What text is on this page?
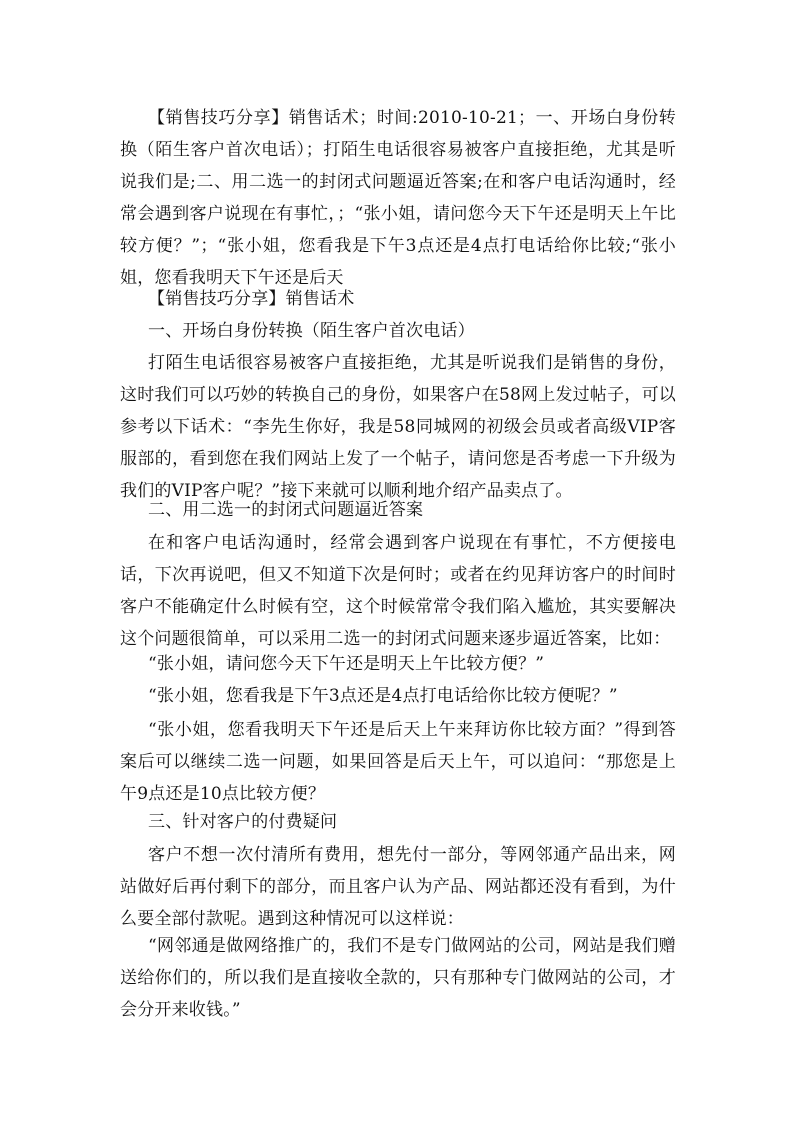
【销售技巧分享】销售话术；时间:2010-10-21；一、开场白身份转换（陌生客户首次电话）；打陌生电话很容易被客户直接拒绝，尤其是听说我们是;二、用二选一的封闭式问题逼近答案;在和客户电话沟通时，经常会遇到客户说现在有事忙，；“张小姐，请问您今天下午还是明天上午比较方便？”；“张小姐，您看我是下午3点还是4点打电话给你比较;“张小姐，您看我明天下午还是后天

【销售技巧分享】销售话术

一、开场白身份转换（陌生客户首次电话）

打陌生电话很容易被客户直接拒绝，尤其是听说我们是销售的身份，这时我们可以巧妙的转换自己的身份，如果客户在58网上发过帖子，可以参考以下话术：“李先生你好，我是58同城网的初级会员或者高级VIP客服部的，看到您在我们网站上发了一个帖子，请问您是否考虑一下升级为我们的VIP客户呢？”接下来就可以顺利地介绍产品卖点了。

二、用二选一的封闭式问题逼近答案

在和客户电话沟通时，经常会遇到客户说现在有事忙，不方便接电话，下次再说吧，但又不知道下次是何时；或者在约见拜访客户的时间时客户不能确定什么时候有空，这个时候常常令我们陷入尴尬，其实要解决这个问题很简单，可以采用二选一的封闭式问题来逐步逼近答案，比如：

“张小姐，请问您今天下午还是明天上午比较方便？”

“张小姐，您看我是下午3点还是4点打电话给你比较方便呢？”

“张小姐，您看我明天下午还是后天上午来拜访你比较方面？”得到答案后可以继续二选一问题，如果回答是后天上午，可以追问：“那您是上午9点还是10点比较方便？

三、针对客户的付费疑问

客户不想一次付清所有费用，想先付一部分，等网邻通产品出来，网站做好后再付剩下的部分，而且客户认为产品、网站都还没有看到，为什么要全部付款呢。遇到这种情况可以这样说：

“网邻通是做网络推广的，我们不是专门做网站的公司，网站是我们赠送给你们的，所以我们是直接收全款的，只有那种专门做网站的公司，才会分开来收钱。”
